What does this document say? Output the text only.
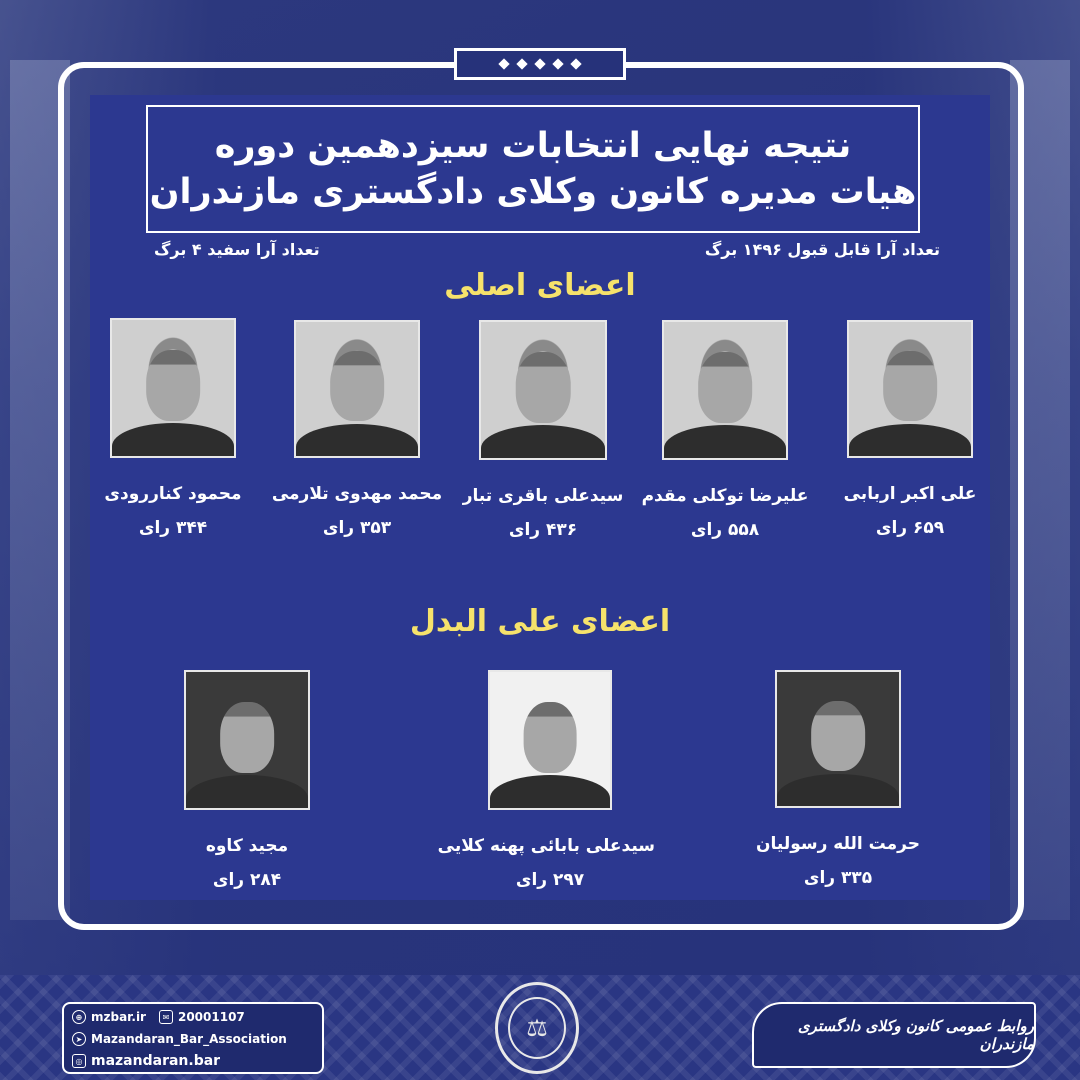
نتیجه نهایی انتخابات سیزدهمین دوره
هیات مدیره کانون وکلای دادگستری مازندران
تعداد آرا قابل قبول ۱۴۹۶ برگ
تعداد آرا سفید ۴ برگ
اعضای اصلی
علی اکبر اربابی
۶۵۹ رای
علیرضا توکلی مقدم
۵۵۸ رای
سیدعلی باقری تبار
۴۳۶ رای
محمد مهدوی تلارمی
۳۵۳ رای
محمود کناررودی
۳۴۴ رای
اعضای علی البدل
حرمت الله رسولیان
۳۳۵ رای
سیدعلی بابائی پهنه کلایی
۲۹۷ رای
مجید کاوه
۲۸۴ رای
⊕ mzbar.ir	✉ 20001107
➤ Mazandaran_Bar_Association
◎ mazandaran.bar
⚖	روابط عمومی کانون وکلای دادگستری مازندران
